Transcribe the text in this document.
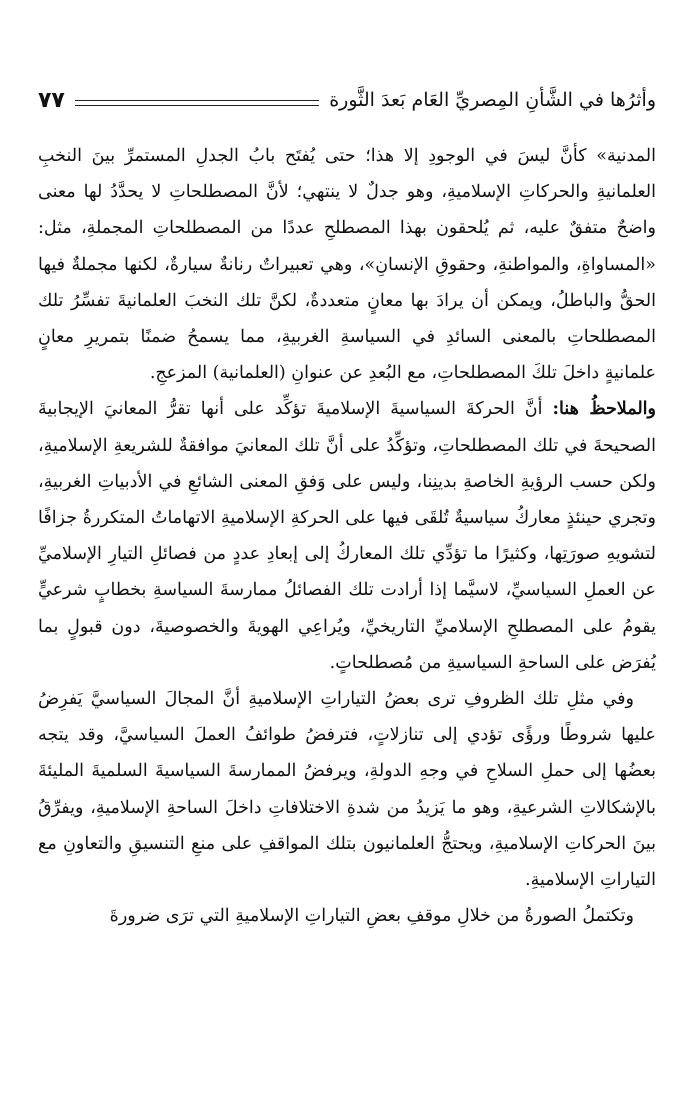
وأثرُها في الشَّأنِ المِصريِّ العَام بَعدَ الثَّورة
٧٧

المدنية» كأنَّ ليسَ في الوجودِ إلا هذا؛ حتى يُفتَح بابُ الجدلِ المستمرِّ بينَ النخبِ العلمانيةِ والحركاتِ الإسلاميةِ، وهو جدلٌ لا ينتهي؛ لأنَّ المصطلحاتِ لا يحدَّدُ لها معنى واضحٌ متفقٌ عليه، ثم يُلحقون بهذا المصطلحِ عددًا من المصطلحاتِ المجملةِ، مثل: «المساواةِ، والمواطنةِ، وحقوقِ الإنسانِ»، وهي تعبيراتٌ رنانةٌ سيارةٌ، لكنها مجملةٌ فيها الحقُّ والباطلُ، ويمكن أن يرادَ بها معانٍ متعددةٌ، لكنَّ تلك النخبَ العلمانيةَ تفسِّرُ تلك المصطلحاتِ بالمعنى السائدِ في السياسةِ الغربيةِ، مما يسمحُ ضمنًا بتمريرِ معانٍ علمانيةٍ داخلَ تلكَ المصطلحاتِ، مع البُعدِ عن عنوانِ (العلمانية) المزعجِ.

والملاحظُ هنا: أنَّ الحركةَ السياسيةَ الإسلاميةَ تؤكِّد على أنها تقرُّ المعانيَ الإيجابيةَ الصحيحةَ في تلك المصطلحاتِ، وتؤكِّدُ على أنَّ تلك المعانيَ موافقةٌ للشريعةِ الإسلاميةِ، ولكن حسب الرؤيةِ الخاصةِ بدينِنا، وليس على وَفقِ المعنى الشائعِ في الأدبياتِ الغربيةِ، وتجري حينئذٍ معاركُ سياسيةٌ تُلقَى فيها على الحركةِ الإسلاميةِ الاتهاماتُ المتكررةُ جزافًا لتشويهِ صورَتِها، وكثيرًا ما تؤدِّي تلك المعاركُ إلى إبعادِ عددٍ من فصائلِ التيارِ الإسلاميِّ عن العملِ السياسيِّ، لاسيَّما إذا أرادت تلك الفصائلُ ممارسةَ السياسةِ بخطابٍ شرعيٍّ يقومُ على المصطلحِ الإسلاميِّ التاريخيِّ، ويُراعِي الهويةَ والخصوصيةَ، دون قبولٍ بما يُفرَض على الساحةِ السياسيةِ من مُصطلحاتٍ.

وفي مثلِ تلك الظروفِ ترى بعضُ التياراتِ الإسلاميةِ أنَّ المجالَ السياسيَّ يَفرِضُ عليها شروطًا ورؤًى تؤدي إلى تنازلاتٍ، فترفضُ طوائفُ العملَ السياسيَّ، وقد يتجه بعضُها إلى حملِ السلاحِ في وجهِ الدولةِ، ويرفضُ الممارسةَ السياسيةَ السلميةَ المليئةَ بالإشكالاتِ الشرعيةِ، وهو ما يَزيدُ من شدةِ الاختلافاتِ داخلَ الساحةِ الإسلاميةِ، ويفرِّقُ بينَ الحركاتِ الإسلاميةِ، ويحتجُّ العلمانيون بتلك المواقفِ على منعِ التنسيقِ والتعاونِ مع التياراتِ الإسلاميةِ.

وتكتملُ الصورةُ من خلالِ موقفِ بعضِ التياراتِ الإسلاميةِ التي ترَى ضرورةَ
